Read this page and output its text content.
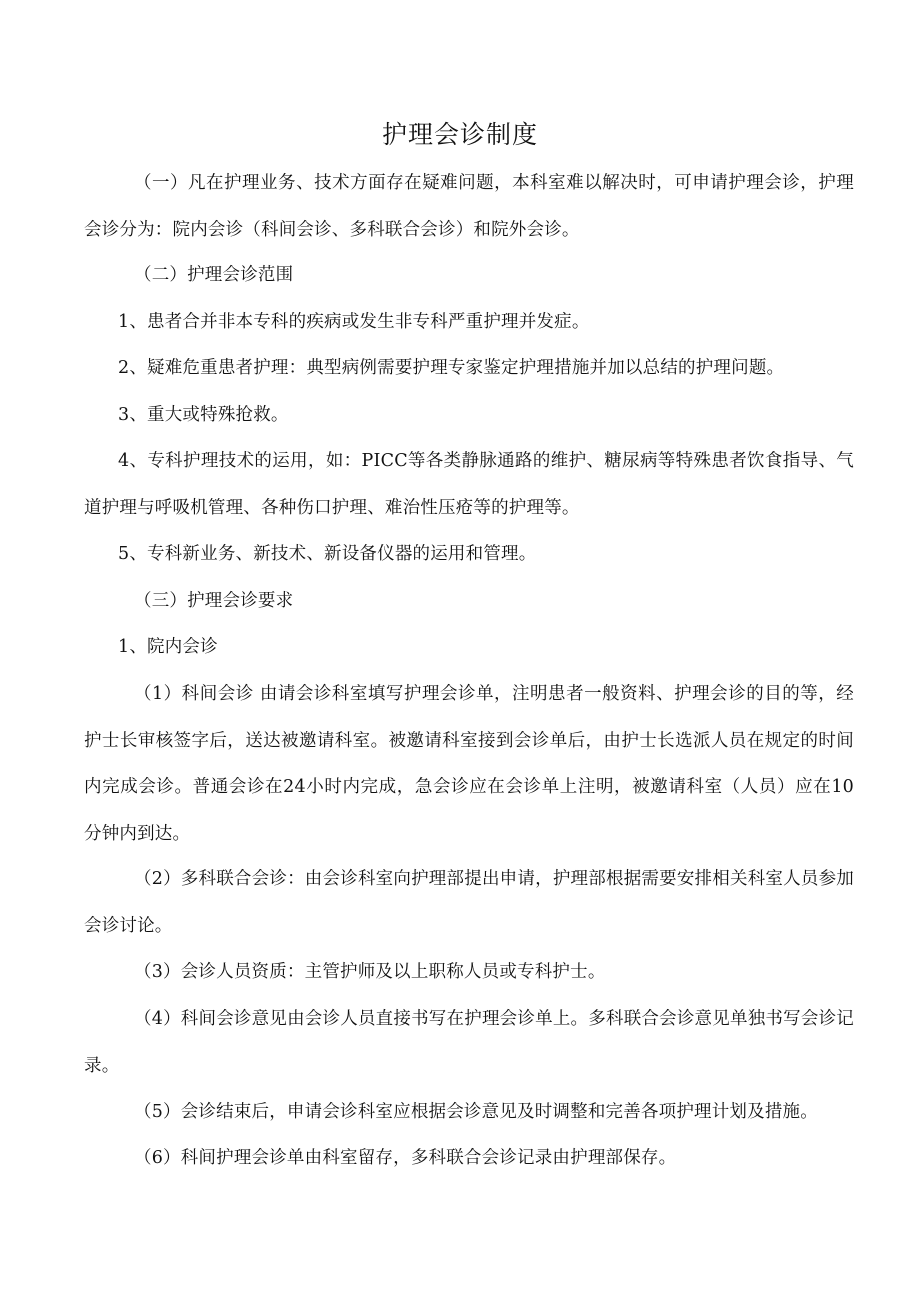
护理会诊制度

（一）凡在护理业务、技术方面存在疑难问题，本科室难以解决时，可申请护理会诊，护理会诊分为：院内会诊（科间会诊、多科联合会诊）和院外会诊。

（二）护理会诊范围

1、患者合并非本专科的疾病或发生非专科严重护理并发症。

2、疑难危重患者护理：典型病例需要护理专家鉴定护理措施并加以总结的护理问题。

3、重大或特殊抢救。

4、专科护理技术的运用，如：PICC等各类静脉通路的维护、糖尿病等特殊患者饮食指导、气道护理与呼吸机管理、各种伤口护理、难治性压疮等的护理等。

5、专科新业务、新技术、新设备仪器的运用和管理。

（三）护理会诊要求

1、院内会诊

（1）科间会诊 由请会诊科室填写护理会诊单，注明患者一般资料、护理会诊的目的等，经护士长审核签字后，送达被邀请科室。被邀请科室接到会诊单后，由护士长选派人员在规定的时间内完成会诊。普通会诊在24小时内完成，急会诊应在会诊单上注明，被邀请科室（人员）应在10分钟内到达。

（2）多科联合会诊：由会诊科室向护理部提出申请，护理部根据需要安排相关科室人员参加会诊讨论。

（3）会诊人员资质：主管护师及以上职称人员或专科护士。

（4）科间会诊意见由会诊人员直接书写在护理会诊单上。多科联合会诊意见单独书写会诊记录。

（5）会诊结束后，申请会诊科室应根据会诊意见及时调整和完善各项护理计划及措施。

（6）科间护理会诊单由科室留存，多科联合会诊记录由护理部保存。
